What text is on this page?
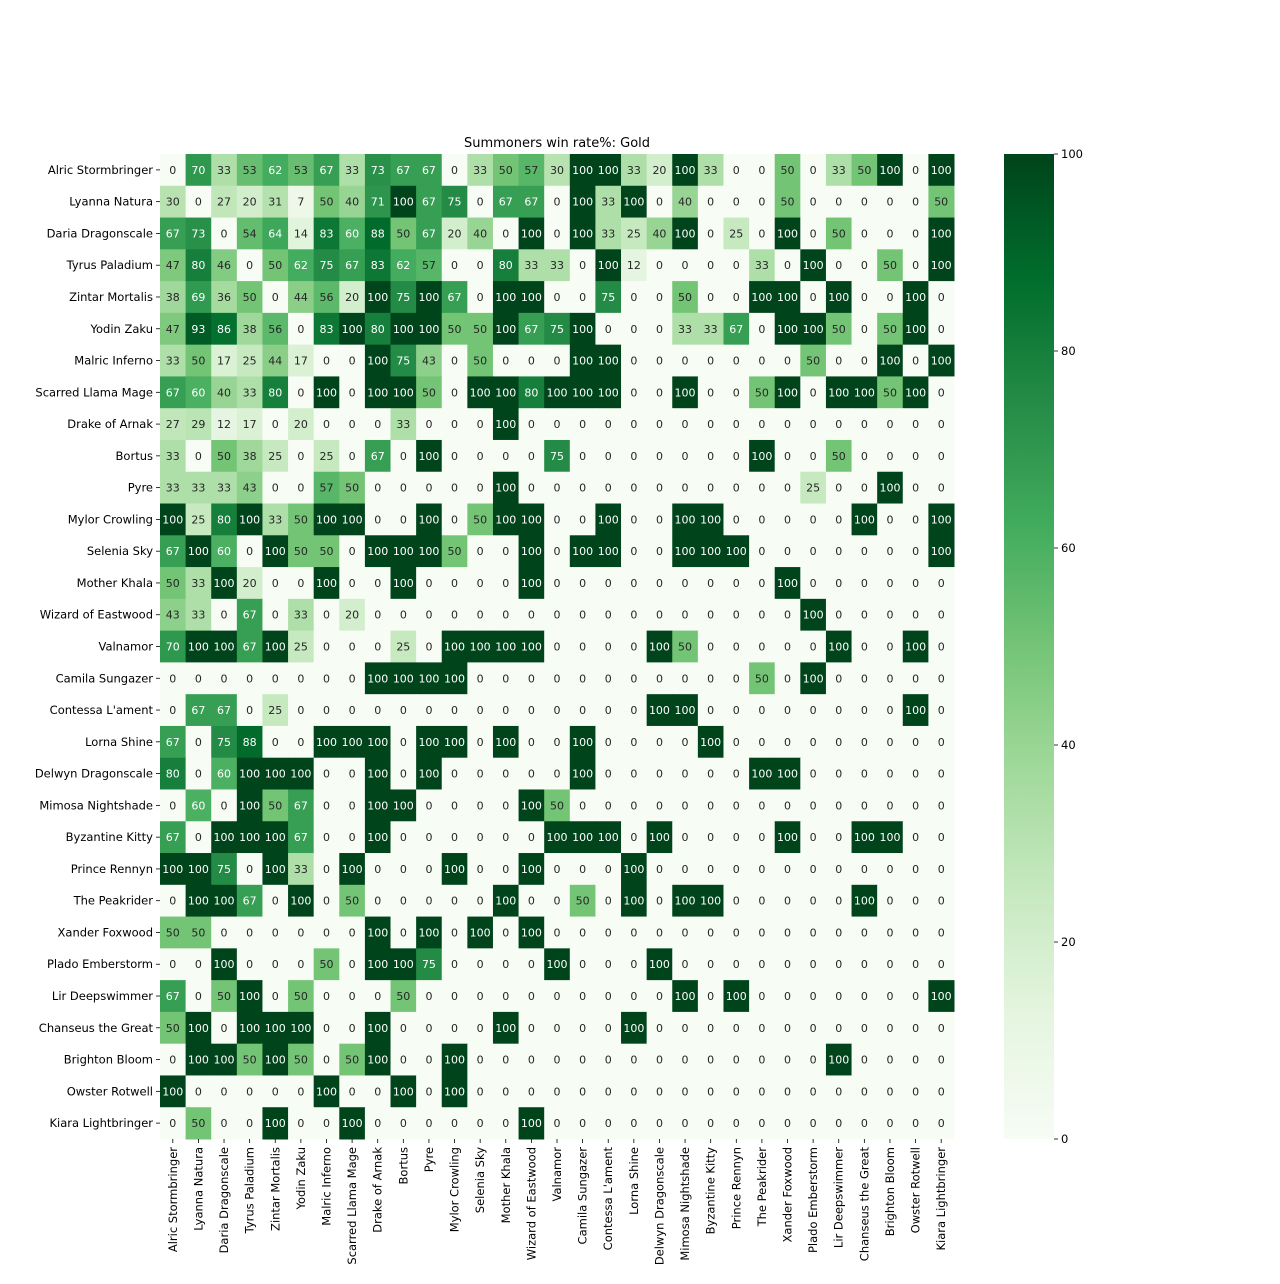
Summoners win rate%: Gold
0 70 33 53 62 53 67 33 73 67 67 0 33 50 57 30 100 100 33 20 100 33 0 0 50 0 33 50 100 0 100
30 0 27 20 31 7 50 40 71 100 67 75 0 67 67 0 100 33 100 0 40 0 0 0 50 0 0 0 0 0 50
67 73 0 54 64 14 83 60 88 50 67 20 40 0 100 0 100 33 25 40 100 0 25 0 100 0 50 0 0 0 100
47 80 46 0 50 62 75 67 83 62 57 0 0 80 33 33 0 100 12 0 0 0 0 33 0 100 0 0 50 0 100
38 69 36 50 0 44 56 20 100 75 100 67 0 100 100 0 0 75 0 0 50 0 0 100 100 0 100 0 0 100 0
47 93 86 38 56 0 83 100 80 100 100 50 50 100 67 75 100 0 0 0 33 33 67 0 100 100 50 0 50 100 0
33 50 17 25 44 17 0 0 100 75 43 0 50 0 0 0 100 100 0 0 0 0 0 0 0 50 0 0 100 0 100
67 60 40 33 80 0 100 0 100 100 50 0 100 100 80 100 100 100 0 0 100 0 0 50 100 0 100 100 50 100 0
27 29 12 17 0 20 0 0 0 33 0 0 0 100 0 0 0 0 0 0 0 0 0 0 0 0 0 0 0 0 0
33 0 50 38 25 0 25 0 67 0 100 0 0 0 0 75 0 0 0 0 0 0 0 100 0 0 50 0 0 0 0
33 33 33 43 0 0 57 50 0 0 0 0 0 100 0 0 0 0 0 0 0 0 0 0 0 25 0 0 100 0 0
100 25 80 100 33 50 100 100 0 0 100 0 50 100 100 0 0 100 0 0 100 100 0 0 0 0 0 100 0 0 100
67 100 60 0 100 50 50 0 100 100 100 50 0 0 100 0 100 100 0 0 100 100 100 0 0 0 0 0 0 0 100
50 33 100 20 0 0 100 0 0 100 0 0 0 0 100 0 0 0 0 0 0 0 0 0 100 0 0 0 0 0 0
43 33 0 67 0 33 0 20 0 0 0 0 0 0 0 0 0 0 0 0 0 0 0 0 0 100 0 0 0 0 0
70 100 100 67 100 25 0 0 0 25 0 100 100 100 100 0 0 0 0 100 50 0 0 0 0 0 100 0 0 100 0
0 0 0 0 0 0 0 0 100 100 100 100 0 0 0 0 0 0 0 0 0 0 0 50 0 100 0 0 0 0 0
0 67 67 0 25 0 0 0 0 0 0 0 0 0 0 0 0 0 0 100 100 0 0 0 0 0 0 0 0 100 0
67 0 75 88 0 0 100 100 100 0 100 100 0 100 0 0 100 0 0 0 0 100 0 0 0 0 0 0 0 0 0
80 0 60 100 100 100 0 0 100 0 100 0 0 0 0 0 100 0 0 0 0 0 0 100 100 0 0 0 0 0 0
0 60 0 100 50 67 0 0 100 100 0 0 0 0 100 50 0 0 0 0 0 0 0 0 0 0 0 0 0 0 0
67 0 100 100 100 67 0 0 100 0 0 0 0 0 0 100 100 100 0 100 0 0 0 0 100 0 0 100 100 0 0
100 100 75 0 100 33 0 100 0 0 0 100 0 0 100 0 0 0 100 0 0 0 0 0 0 0 0 0 0 0 0
0 100 100 67 0 100 0 50 0 0 0 0 0 100 0 0 50 0 100 0 100 100 0 0 0 0 0 100 0 0 0
50 50 0 0 0 0 0 0 100 0 100 0 100 0 100 0 0 0 0 0 0 0 0 0 0 0 0 0 0 0 0
0 0 100 0 0 0 50 0 100 100 75 0 0 0 0 100 0 0 0 100 0 0 0 0 0 0 0 0 0 0 0
67 0 50 100 0 50 0 0 0 50 0 0 0 0 0 0 0 0 0 0 100 0 100 0 0 0 0 0 0 0 100
50 100 0 100 100 100 0 0 100 0 0 0 0 100 0 0 0 0 100 0 0 0 0 0 0 0 0 0 0 0 0
0 100 100 50 100 50 0 50 100 0 0 100 0 0 0 0 0 0 0 0 0 0 0 0 0 0 100 0 0 0 0
100 0 0 0 0 0 100 0 0 100 0 100 0 0 0 0 0 0 0 0 0 0 0 0 0 0 0 0 0 0 0
0 50 0 0 100 0 0 100 0 0 0 0 0 0 100 0 0 0 0 0 0 0 0 0 0 0 0 0 0 0 0
Alric Stormbringer
Lyanna Natura
Daria Dragonscale
Tyrus Paladium
Zintar Mortalis
Yodin Zaku
Malric Inferno
Scarred Llama Mage
Drake of Arnak
Bortus
Pyre
Mylor Crowling
Selenia Sky
Mother Khala
Wizard of Eastwood
Valnamor
Camila Sungazer
Contessa L'ament
Lorna Shine
Delwyn Dragonscale
Mimosa Nightshade
Byzantine Kitty
Prince Rennyn
The Peakrider
Xander Foxwood
Plado Emberstorm
Lir Deepswimmer
Chanseus the Great
Brighton Bloom
Owster Rotwell
Kiara Lightbringer
Alric Stormbringer Lyanna Natura Daria Dragonscale Tyrus Paladium Zintar Mortalis Yodin Zaku Malric Inferno Scarred Llama Mage Drake of Arnak Bortus Pyre Mylor Crowling Selenia Sky Mother Khala Wizard of Eastwood Valnamor Camila Sungazer Contessa L'ament Lorna Shine Delwyn Dragonscale Mimosa Nightshade Byzantine Kitty Prince Rennyn The Peakrider Xander Foxwood Plado Emberstorm Lir Deepswimmer Chanseus the Great Brighton Bloom Owster Rotwell Kiara Lightbringer
0
20
40
60
80
100
